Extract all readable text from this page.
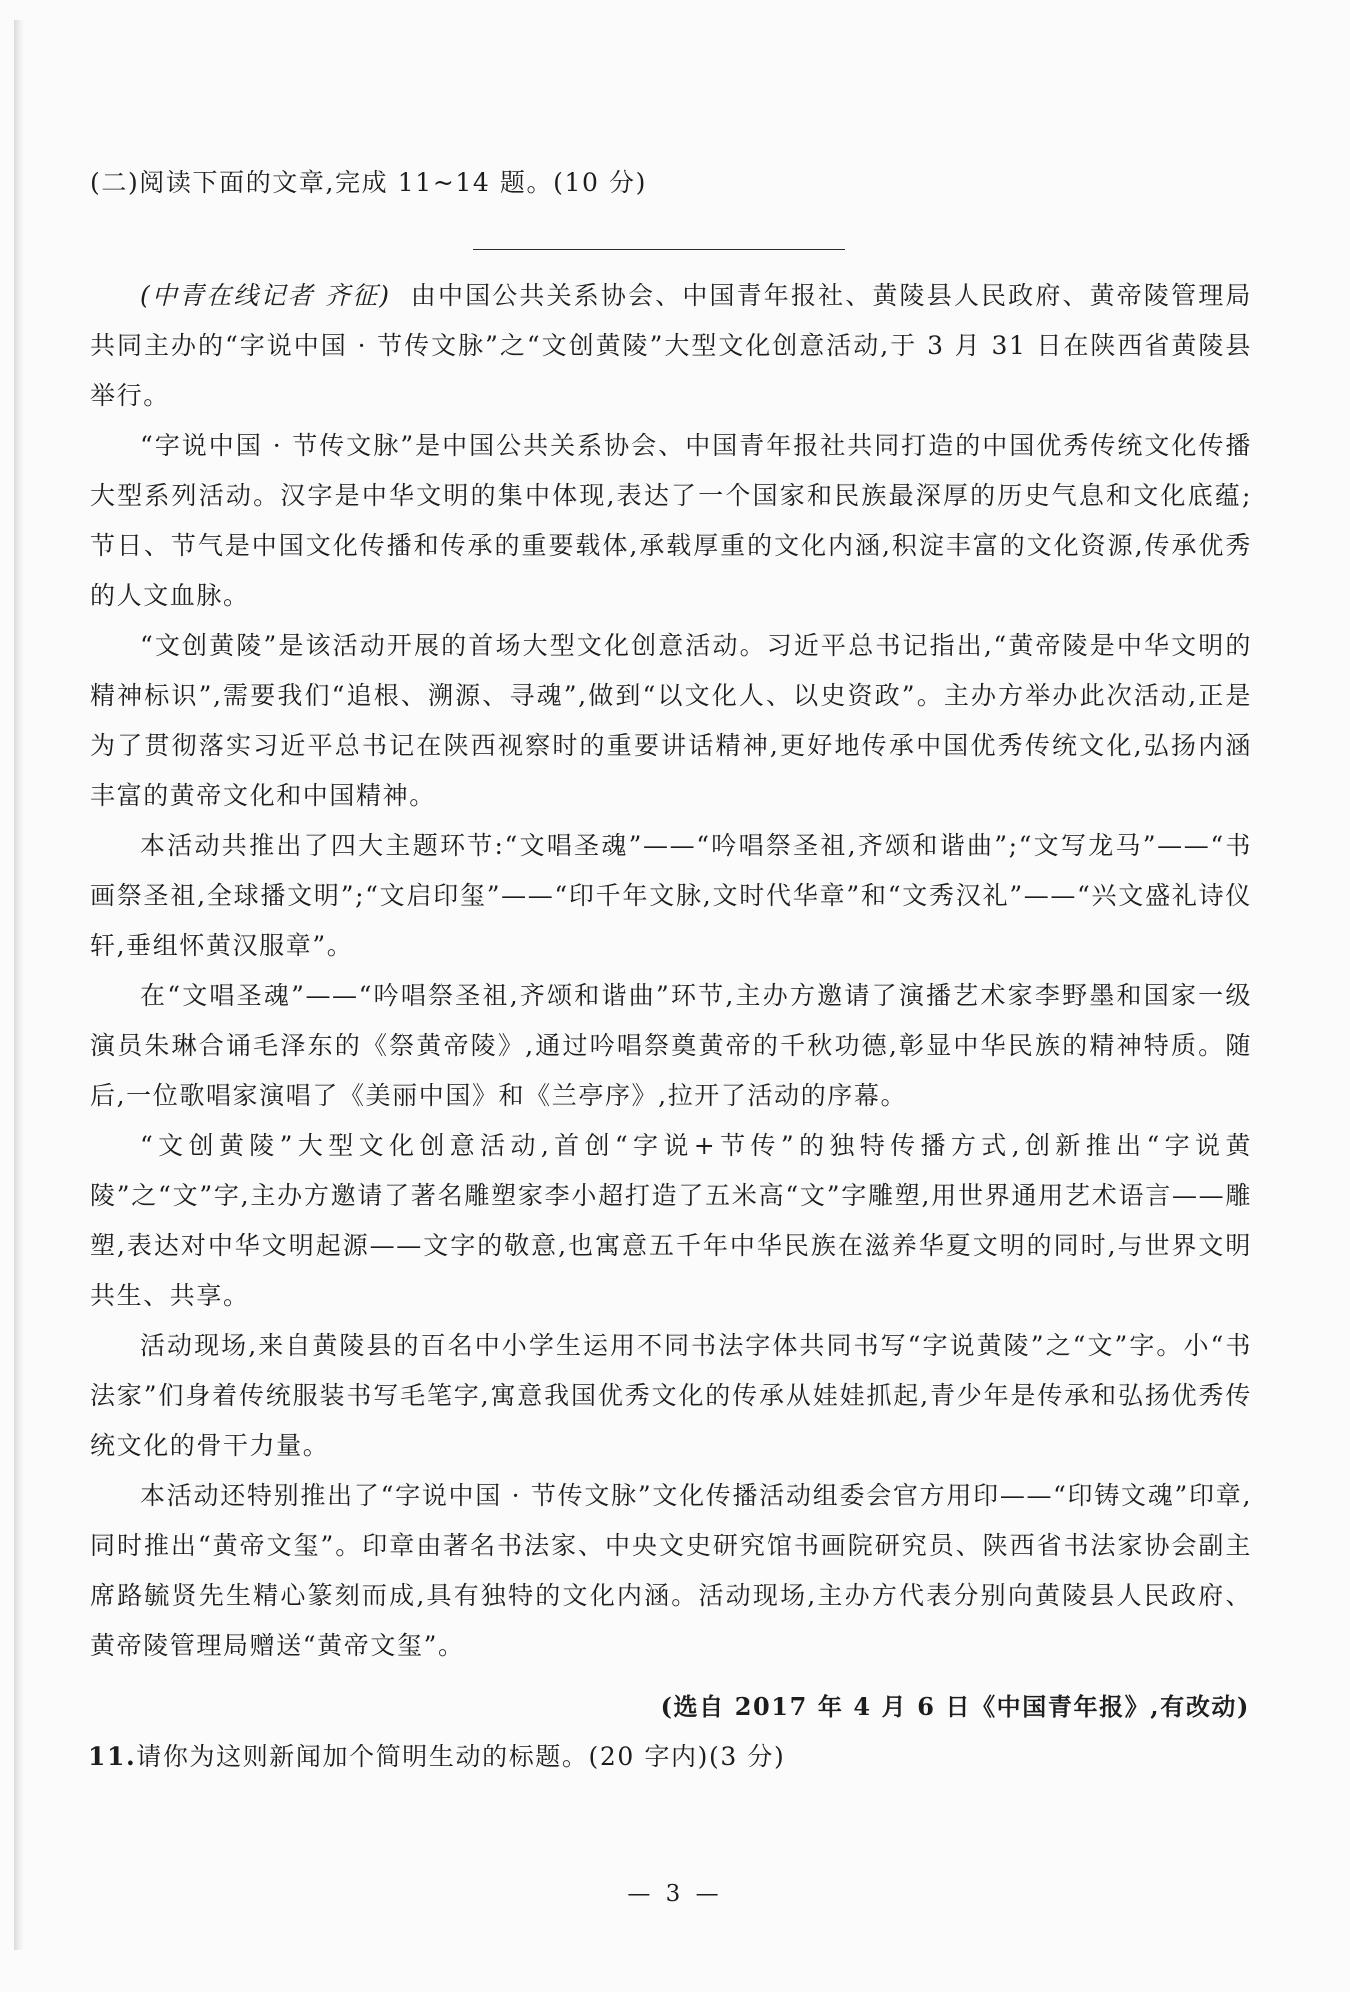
(二)阅读下面的文章,完成 11~14 题。(10 分)

(中青在线记者 齐征) 由中国公共关系协会、中国青年报社、黄陵县人民政府、黄帝陵管理局共同主办的“字说中国 · 节传文脉”之“文创黄陵”大型文化创意活动,于 3 月 31 日在陕西省黄陵县举行。

“字说中国 · 节传文脉”是中国公共关系协会、中国青年报社共同打造的中国优秀传统文化传播大型系列活动。汉字是中华文明的集中体现,表达了一个国家和民族最深厚的历史气息和文化底蕴;节日、节气是中国文化传播和传承的重要载体,承载厚重的文化内涵,积淀丰富的文化资源,传承优秀的人文血脉。

“文创黄陵”是该活动开展的首场大型文化创意活动。习近平总书记指出,“黄帝陵是中华文明的精神标识”,需要我们“追根、溯源、寻魂”,做到“以文化人、以史资政”。主办方举办此次活动,正是为了贯彻落实习近平总书记在陕西视察时的重要讲话精神,更好地传承中国优秀传统文化,弘扬内涵丰富的黄帝文化和中国精神。

本活动共推出了四大主题环节:“文唱圣魂”——“吟唱祭圣祖,齐颂和谐曲”;“文写龙马”——“书画祭圣祖,全球播文明”;“文启印玺”——“印千年文脉,文时代华章”和“文秀汉礼”——“兴文盛礼诗仪轩,垂组怀黄汉服章”。

在“文唱圣魂”——“吟唱祭圣祖,齐颂和谐曲”环节,主办方邀请了演播艺术家李野墨和国家一级演员朱琳合诵毛泽东的《祭黄帝陵》,通过吟唱祭奠黄帝的千秋功德,彰显中华民族的精神特质。随后,一位歌唱家演唱了《美丽中国》和《兰亭序》,拉开了活动的序幕。

“文创黄陵”大型文化创意活动,首创“字说+节传”的独特传播方式,创新推出“字说黄陵”之“文”字,主办方邀请了著名雕塑家李小超打造了五米高“文”字雕塑,用世界通用艺术语言——雕塑,表达对中华文明起源——文字的敬意,也寓意五千年中华民族在滋养华夏文明的同时,与世界文明共生、共享。

活动现场,来自黄陵县的百名中小学生运用不同书法字体共同书写“字说黄陵”之“文”字。小“书法家”们身着传统服装书写毛笔字,寓意我国优秀文化的传承从娃娃抓起,青少年是传承和弘扬优秀传统文化的骨干力量。

本活动还特别推出了“字说中国 · 节传文脉”文化传播活动组委会官方用印——“印铸文魂”印章,同时推出“黄帝文玺”。印章由著名书法家、中央文史研究馆书画院研究员、陕西省书法家协会副主席路毓贤先生精心篆刻而成,具有独特的文化内涵。活动现场,主办方代表分别向黄陵县人民政府、黄帝陵管理局赠送“黄帝文玺”。

(选自 2017 年 4 月 6 日《中国青年报》,有改动)
11.请你为这则新闻加个简明生动的标题。(20 字内)(3 分)
— 3 —
